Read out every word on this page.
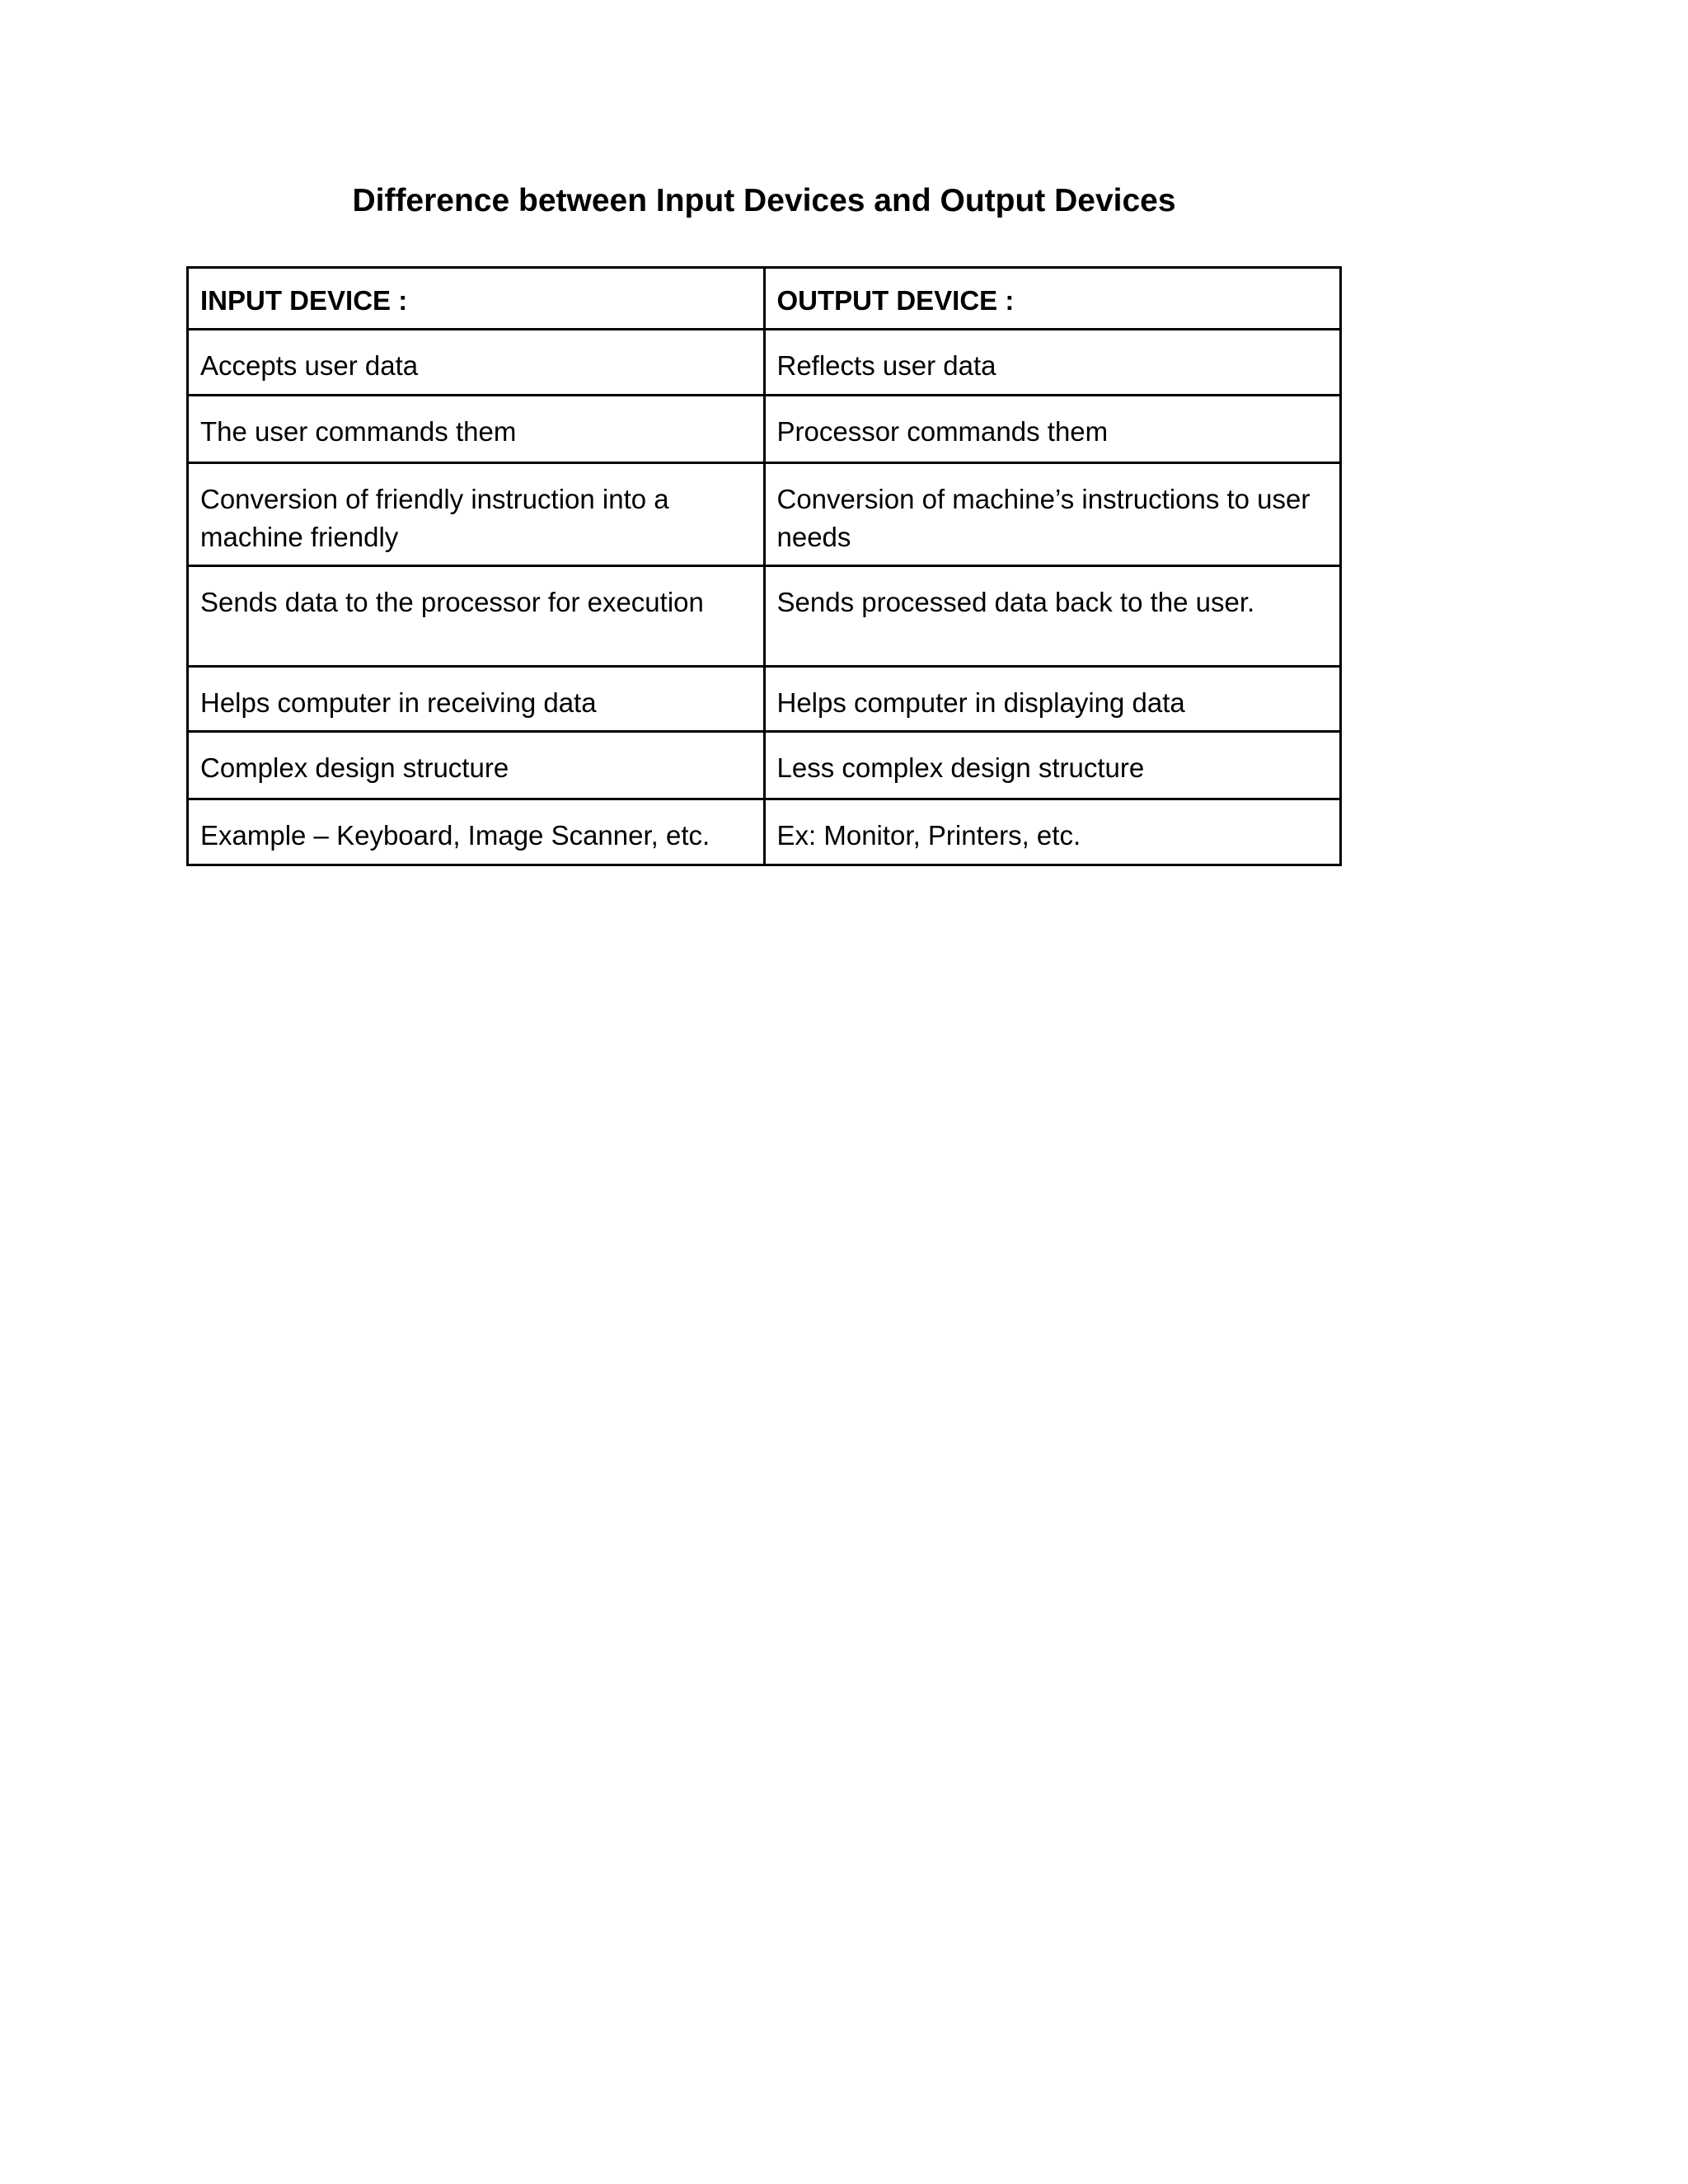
Difference between Input Devices and Output Devices
INPUT DEVICE :	OUTPUT DEVICE :
Accepts user data	Reflects user data
The user commands them	Processor commands them
Conversion of friendly instruction into a machine friendly	Conversion of machine’s instructions to user needs
Sends data to the processor for execution	Sends processed data back to the user.
Helps computer in receiving data	Helps computer in displaying data
Complex design structure	Less complex design structure
Example – Keyboard, Image Scanner, etc.	Ex: Monitor, Printers, etc.
